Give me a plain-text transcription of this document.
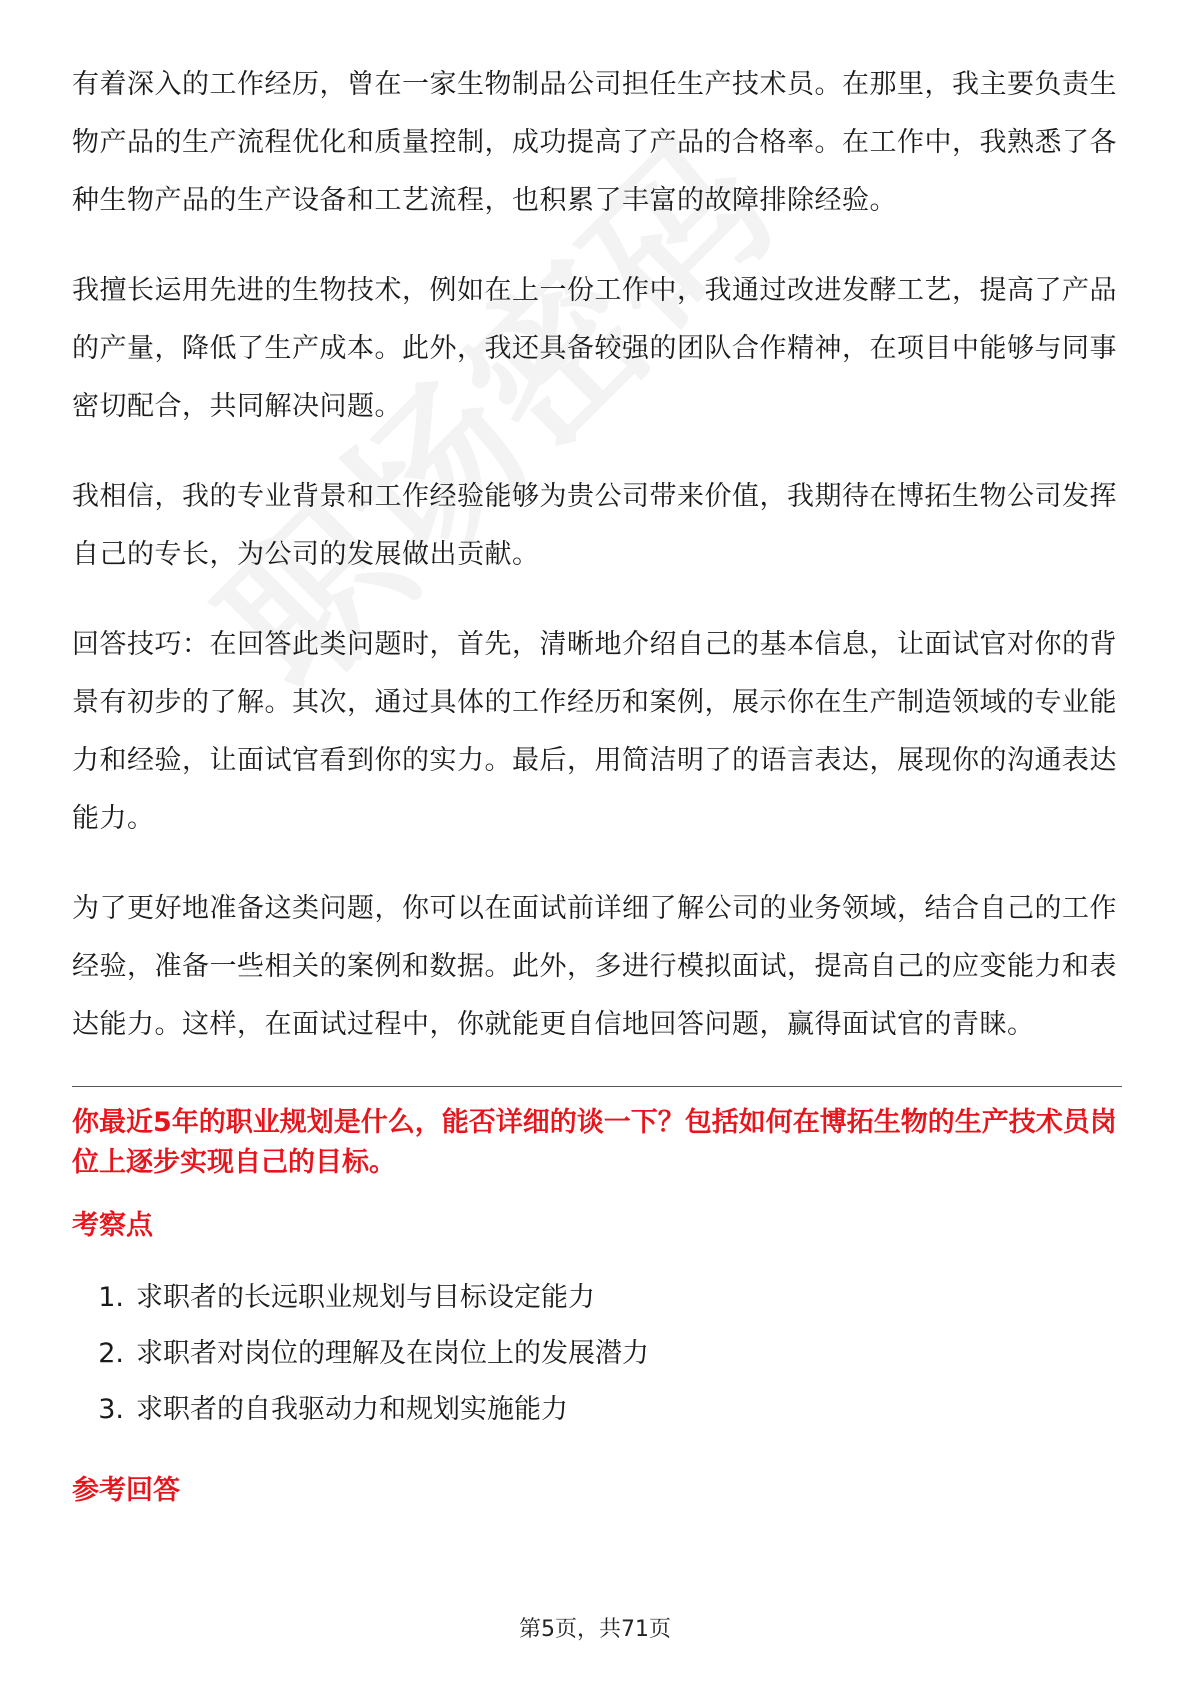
有着深入的工作经历，曾在一家生物制品公司担任生产技术员。在那里，我主要负责生物产品的生产流程优化和质量控制，成功提高了产品的合格率。在工作中，我熟悉了各种生物产品的生产设备和工艺流程，也积累了丰富的故障排除经验。

我擅长运用先进的生物技术，例如在上一份工作中，我通过改进发酵工艺，提高了产品的产量，降低了生产成本。此外，我还具备较强的团队合作精神，在项目中能够与同事密切配合，共同解决问题。

我相信，我的专业背景和工作经验能够为贵公司带来价值，我期待在博拓生物公司发挥自己的专长，为公司的发展做出贡献。

回答技巧：在回答此类问题时，首先，清晰地介绍自己的基本信息，让面试官对你的背景有初步的了解。其次，通过具体的工作经历和案例，展示你在生产制造领域的专业能力和经验，让面试官看到你的实力。最后，用简洁明了的语言表达，展现你的沟通表达能力。

为了更好地准备这类问题，你可以在面试前详细了解公司的业务领域，结合自己的工作经验，准备一些相关的案例和数据。此外，多进行模拟面试，提高自己的应变能力和表达能力。这样，在面试过程中，你就能更自信地回答问题，赢得面试官的青睐。

你最近5年的职业规划是什么，能否详细的谈一下？包括如何在博拓生物的生产技术员岗位上逐步实现自己的目标。

考察点
1. 求职者的长远职业规划与目标设定能力
2. 求职者对岗位的理解及在岗位上的发展潜力
3. 求职者的自我驱动力和规划实施能力
参考回答
第5页，共71页
